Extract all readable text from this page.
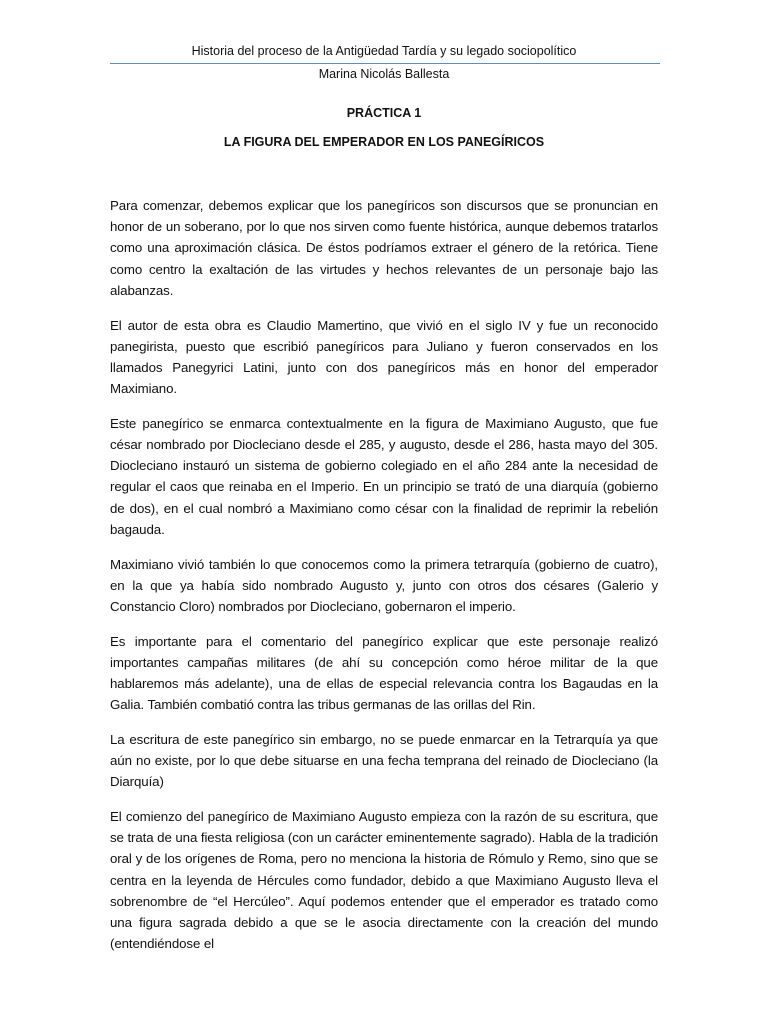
Historia del proceso de la Antigüedad Tardía y su legado sociopolítico
Marina Nicolás Ballesta
PRÁCTICA 1
LA FIGURA DEL EMPERADOR EN LOS PANEGÍRICOS

Para comenzar, debemos explicar que los panegíricos son discursos que se pronuncian en honor de un soberano, por lo que nos sirven como fuente histórica, aunque debemos tratarlos como una aproximación clásica. De éstos podríamos extraer el género de la retórica. Tiene como centro la exaltación de las virtudes y hechos relevantes de un personaje bajo las alabanzas.

El autor de esta obra es Claudio Mamertino, que vivió en el siglo IV y fue un reconocido panegirista, puesto que escribió panegíricos para Juliano y fueron conservados en los llamados Panegyrici Latini, junto con dos panegíricos más en honor del emperador Maximiano.

Este panegírico se enmarca contextualmente en la figura de Maximiano Augusto, que fue césar nombrado por Diocleciano desde el 285, y augusto, desde el 286, hasta mayo del 305. Diocleciano instauró un sistema de gobierno colegiado en el año 284 ante la necesidad de regular el caos que reinaba en el Imperio. En un principio se trató de una diarquía (gobierno de dos), en el cual nombró a Maximiano como césar con la finalidad de reprimir la rebelión bagauda.

Maximiano vivió también lo que conocemos como la primera tetrarquía (gobierno de cuatro), en la que ya había sido nombrado Augusto y, junto con otros dos césares (Galerio y Constancio Cloro) nombrados por Diocleciano, gobernaron el imperio.

Es importante para el comentario del panegírico explicar que este personaje realizó importantes campañas militares (de ahí su concepción como héroe militar de la que hablaremos más adelante), una de ellas de especial relevancia contra los Bagaudas en la Galia. También combatió contra las tribus germanas de las orillas del Rin.

La escritura de este panegírico sin embargo, no se puede enmarcar en la Tetrarquía ya que aún no existe, por lo que debe situarse en una fecha temprana del reinado de Diocleciano (la Diarquía)

El comienzo del panegírico de Maximiano Augusto empieza con la razón de su escritura, que se trata de una fiesta religiosa (con un carácter eminentemente sagrado). Habla de la tradición oral y de los orígenes de Roma, pero no menciona la historia de Rómulo y Remo, sino que se centra en la leyenda de Hércules como fundador, debido a que Maximiano Augusto lleva el sobrenombre de “el Hercúleo”. Aquí podemos entender que el emperador es tratado como una figura sagrada debido a que se le asocia directamente con la creación del mundo (entendiéndose el
